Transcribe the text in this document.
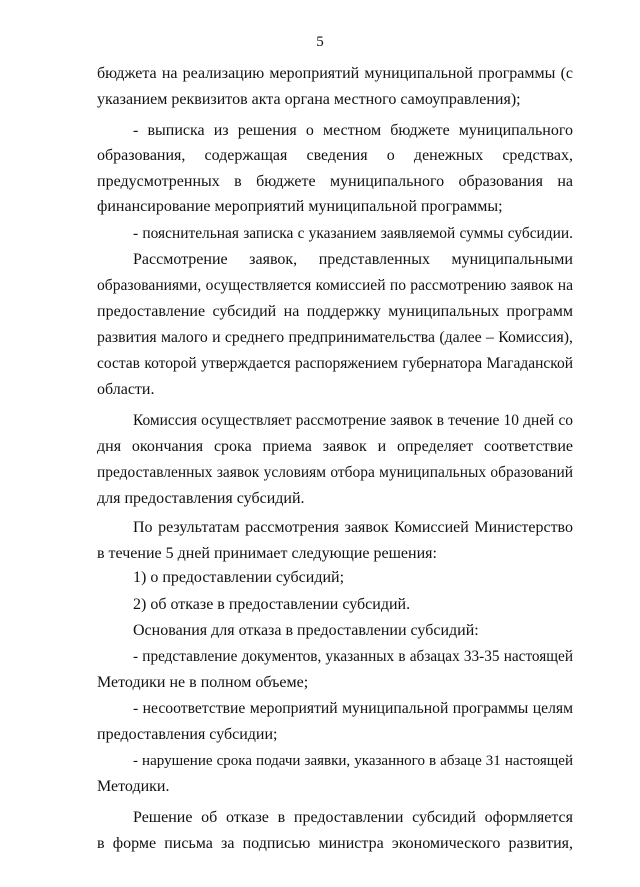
5
бюджета на реализацию мероприятий муниципальной программы (с
указанием реквизитов акта органа местного самоуправления);
- выписка из решения о местном бюджете муниципального
образования, содержащая сведения о денежных средствах,
предусмотренных в бюджете муниципального образования на
финансирование мероприятий муниципальной программы;
- пояснительная записка с указанием заявляемой суммы субсидии.
Рассмотрение заявок, представленных муниципальными
образованиями, осуществляется комиссией по рассмотрению заявок на
предоставление субсидий на поддержку муниципальных программ
развития малого и среднего предпринимательства (далее – Комиссия),
состав которой утверждается распоряжением губернатора Магаданской
области.
Комиссия осуществляет рассмотрение заявок в течение 10 дней со
дня окончания срока приема заявок и определяет соответствие
предоставленных заявок условиям отбора муниципальных образований
для предоставления субсидий.
По результатам рассмотрения заявок Комиссией Министерство
в течение 5 дней принимает следующие решения:
1) о предоставлении субсидий;
2) об отказе в предоставлении субсидий.
Основания для отказа в предоставлении субсидий:
- представление документов, указанных в абзацах 33-35 настоящей
Методики не в полном объеме;
- несоответствие мероприятий муниципальной программы целям
предоставления субсидии;
- нарушение срока подачи заявки, указанного в абзаце 31 настоящей
Методики.
Решение об отказе в предоставлении субсидий оформляется
в форме письма за подписью министра экономического развития,
